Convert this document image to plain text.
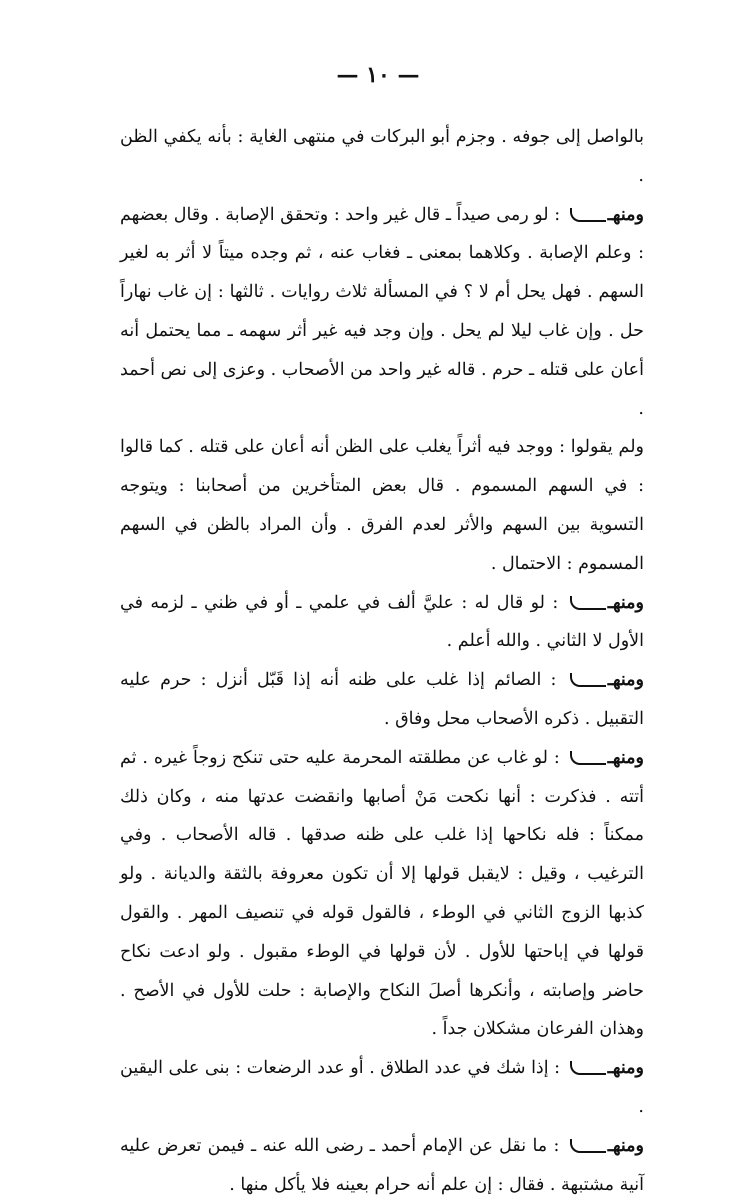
— ١٠ —

بالواصل إلى جوفه . وجزم أبو البركات في منتهى الغاية : بأنه يكفي الظن .

ومنهـ : لو رمى صيداً ـ قال غير واحد : وتحقق الإصابة . وقال بعضهم : وعلم الإصابة . وكلاهما بمعنى ـ فغاب عنه ، ثم وجده ميتاً لا أثر به لغير السهم . فهل يحل أم لا ؟ في المسألة ثلاث روايات . ثالثها : إن غاب نهاراً حل . وإن غاب ليلا لم يحل . وإن وجد فيه غير أثر سهمه ـ مما يحتمل أنه أعان على قتله ـ حرم . قاله غير واحد من الأصحاب . وعزى إلى نص أحمد .

ولم يقولوا : ووجد فيه أثراً يغلب على الظن أنه أعان على قتله . كما قالوا : في السهم المسموم . قال بعض المتأخرين من أصحابنا : ويتوجه التسوية بين السهم والأثر لعدم الفرق . وأن المراد بالظن في السهم المسموم : الاحتمال .

ومنهـ : لو قال له : عليَّ ألف في علمي ـ أو في ظني ـ لزمه في الأول لا الثاني . والله أعلم .

ومنهـ : الصائم إذا غلب على ظنه أنه إذا قَبّل أنزل : حرم عليه التقبيل . ذكره الأصحاب محل وفاق .

ومنهـ : لو غاب عن مطلقته المحرمة عليه حتى تنكح زوجاً غيره . ثم أتته . فذكرت : أنها نكحت مَنْ أصابها وانقضت عدتها منه ، وكان ذلك ممكناً : فله نكاحها إذا غلب على ظنه صدقها . قاله الأصحاب . وفي الترغيب ، وقيل : لايقبل قولها إلا أن تكون معروفة بالثقة والديانة . ولو كذبها الزوج الثاني في الوطء ، فالقول قوله في تنصيف المهر . والقول قولها في إباحتها للأول . لأن قولها في الوطء مقبول . ولو ادعت نكاح حاضر وإصابته ، وأنكرها أصلَ النكاح والإصابة : حلت للأول في الأصح . وهذان الفرعان مشكلان جداً .

ومنهـ : إذا شك في عدد الطلاق . أو عدد الرضعات : بنى على اليقين .

ومنهـ : ما نقل عن الإمام أحمد ـ رضى الله عنه ـ فيمن تعرض عليه آنية مشتبهة . فقال : إن علم أنه حرام بعينه فلا يأكل منها .
